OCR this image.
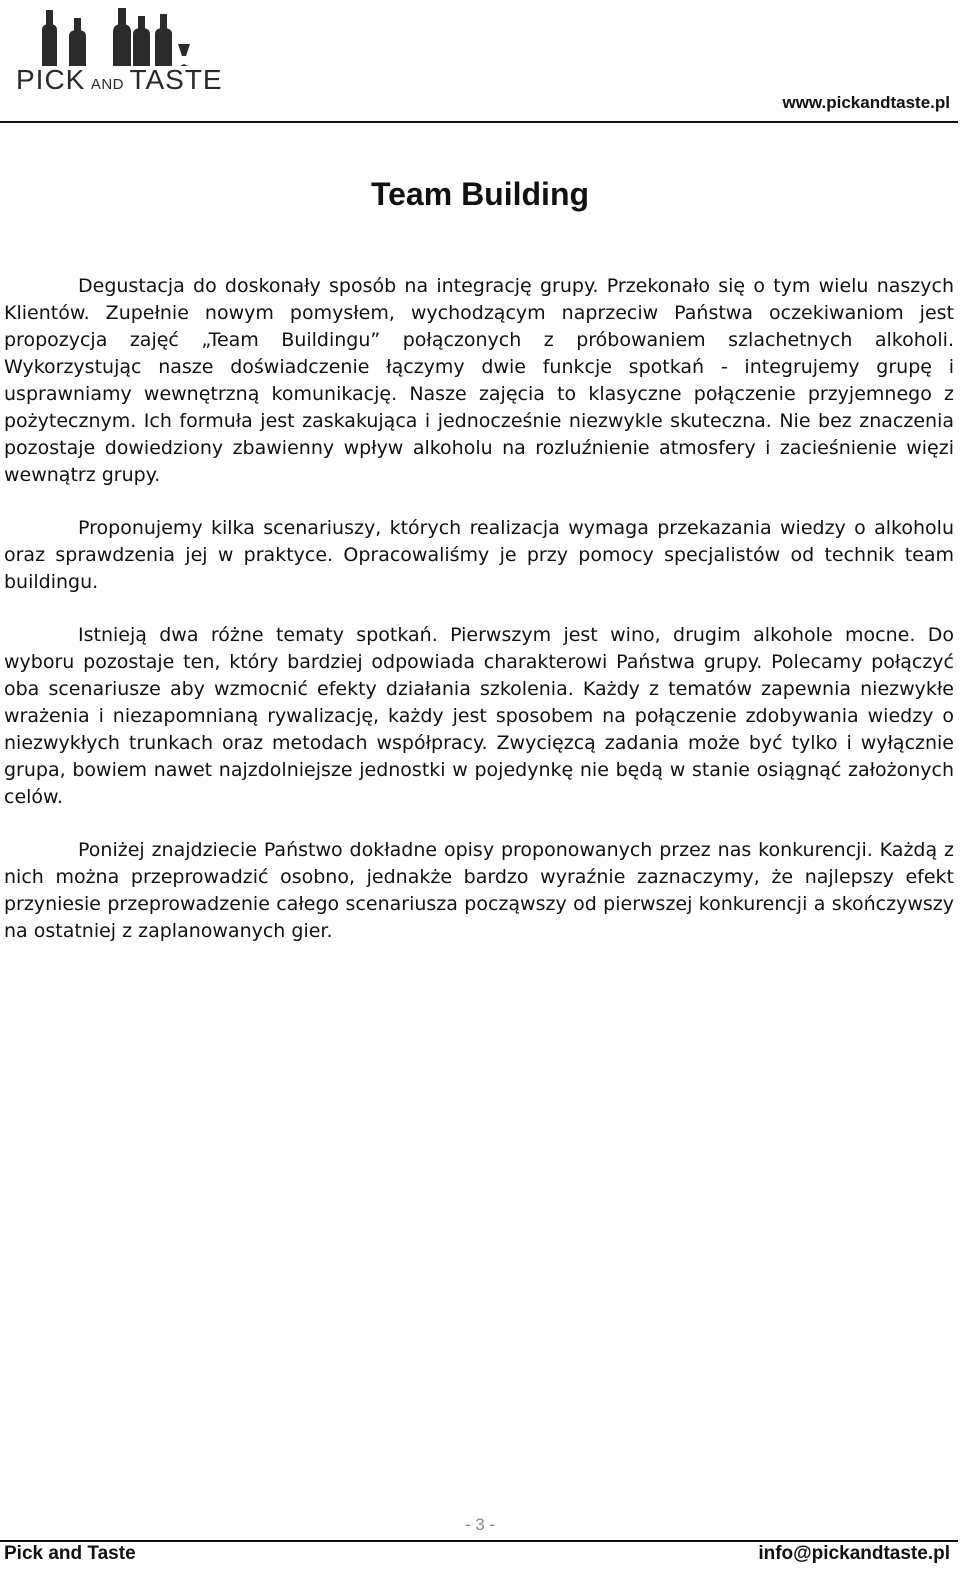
PICK AND TASTE
www.pickandtaste.pl
Team Building

Degustacja do doskonały sposób na integrację grupy. Przekonało się o tym wielu naszych Klientów. Zupełnie nowym pomysłem, wychodzącym naprzeciw Państwa oczekiwaniom jest propozycja zajęć „Team Buildingu” połączonych z próbowaniem szlachetnych alkoholi. Wykorzystując nasze doświadczenie łączymy dwie funkcje spotkań - integrujemy grupę i usprawniamy wewnętrzną komunikację. Nasze zajęcia to klasyczne połączenie przyjemnego z pożytecznym. Ich formuła jest zaskakująca i jednocześnie niezwykle skuteczna. Nie bez znaczenia pozostaje dowiedziony zbawienny wpływ alkoholu na rozluźnienie atmosfery i zacieśnienie więzi wewnątrz grupy.

Proponujemy kilka scenariuszy, których realizacja wymaga przekazania wiedzy o alkoholu oraz sprawdzenia jej w praktyce. Opracowaliśmy je przy pomocy specjalistów od technik team buildingu.

Istnieją dwa różne tematy spotkań. Pierwszym jest wino, drugim alkohole mocne. Do wyboru pozostaje ten, który bardziej odpowiada charakterowi Państwa grupy. Polecamy połączyć oba scenariusze aby wzmocnić efekty działania szkolenia. Każdy z tematów zapewnia niezwykłe wrażenia i niezapomnianą rywalizację, każdy jest sposobem na połączenie zdobywania wiedzy o niezwykłych trunkach oraz metodach współpracy. Zwycięzcą zadania może być tylko i wyłącznie grupa, bowiem nawet najzdolniejsze jednostki w pojedynkę nie będą w stanie osiągnąć założonych celów.

Poniżej znajdziecie Państwo dokładne opisy proponowanych przez nas konkurencji. Każdą z nich można przeprowadzić osobno, jednakże bardzo wyraźnie zaznaczymy, że najlepszy efekt przyniesie przeprowadzenie całego scenariusza począwszy od pierwszej konkurencji a skończywszy na ostatniej z zaplanowanych gier.

- 3 -
Pick and Taste	info@pickandtaste.pl
